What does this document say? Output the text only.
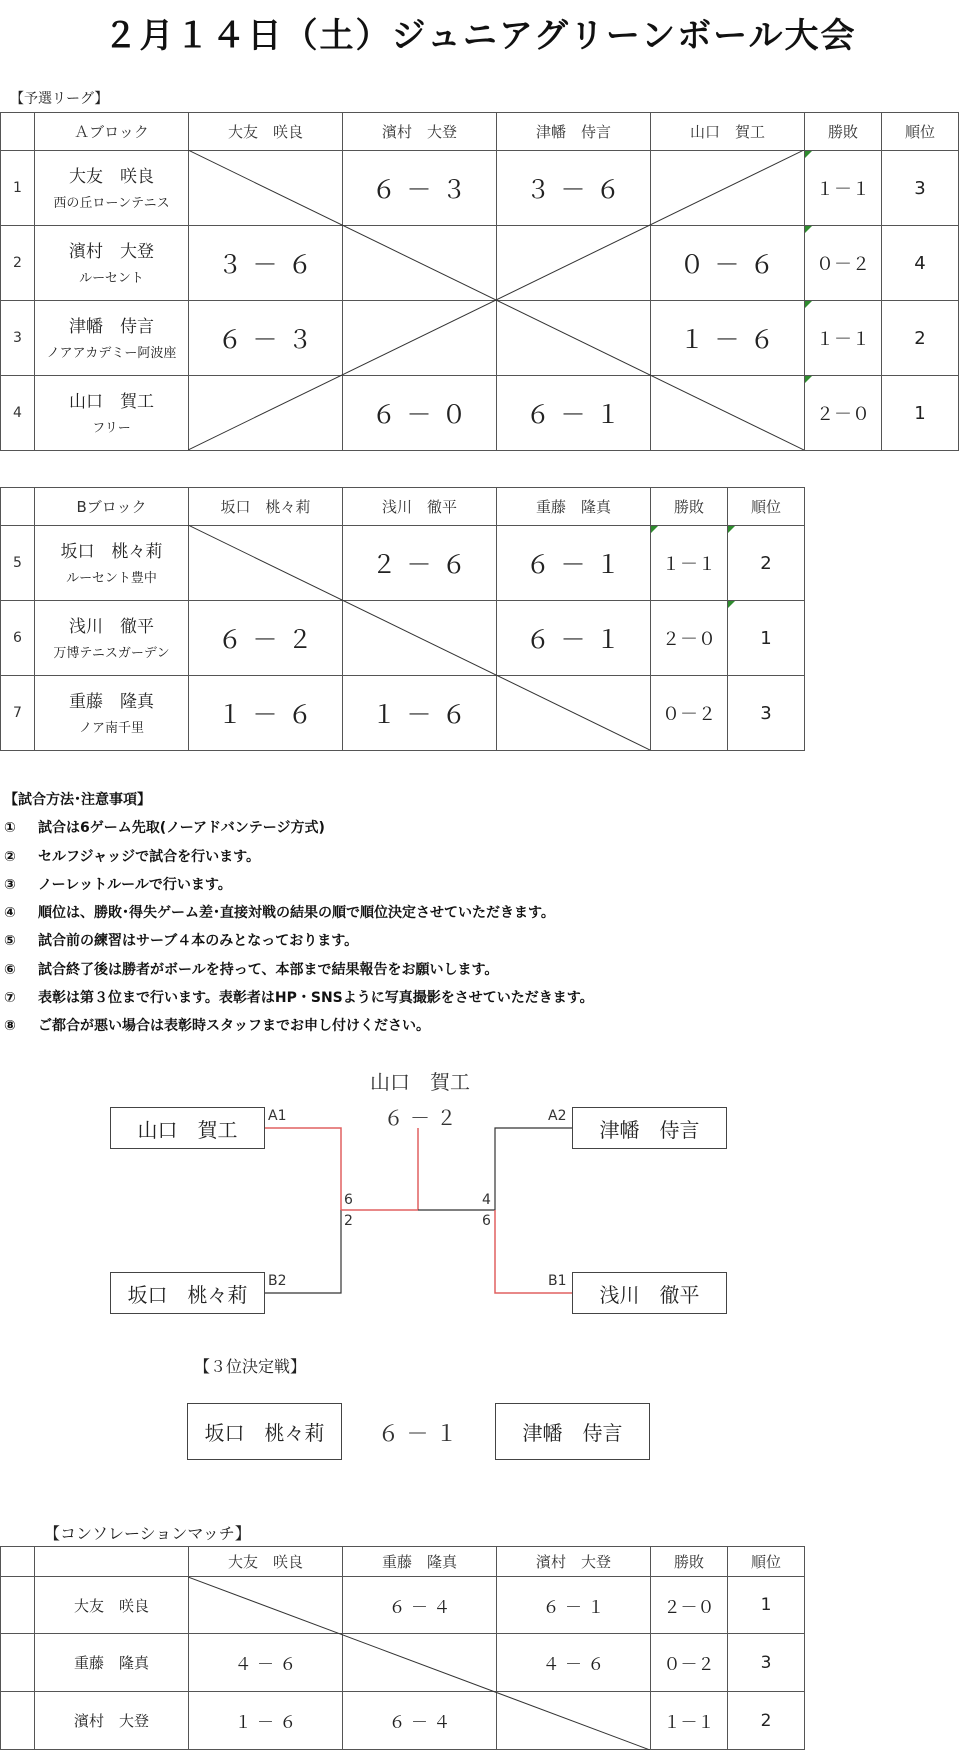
２月１４日（土）ジュニアグリーンボール大会
【予選リーグ】
	Ａブロック	大友　咲良	濱村　大登	津幡　侍言	山口　賀工	勝敗	順位
1	大友　咲良
西の丘ローンテニス		６ － ３	３ － ６		１－１	3
2	濱村　大登
ルーセント	３ － ６			０ － ６	０－２	4
3	津幡　侍言
ノアアカデミー阿波座	６ － ３			１ － ６	１－１	2
4	山口　賀工
フリー		６ － ０	６ － １		２－０	1
	Bブロック	坂口　桃々莉	浅川　徹平	重藤　隆真	勝敗	順位
5	坂口　桃々莉
ルーセント豊中		２ － ６	６ － １	１－１	2
6	浅川　徹平
万博テニスガーデン	６ － ２		６ － １	２－０	1
7	重藤　隆真
ノア南千里	１ － ６	１ － ６		０－２	3
【試合方法･注意事項】
① 試合は6ゲーム先取(ノーアドバンテージ方式)
② セルフジャッジで試合を行います。
③ ノーレットルールで行います。
④ 順位は、勝敗･得失ゲーム差･直接対戦の結果の順で順位決定させていただきます。
⑤ 試合前の練習はサーブ４本のみとなっております。
⑥ 試合終了後は勝者がボールを持って、本部まで結果報告をお願いします。
⑦ 表彰は第３位まで行います。表彰者はHP・SNSように写真撮影をさせていただきます。
⑧ ご都合が悪い場合は表彰時スタッフまでお申し付けください。
山口　賀工
６ － ２
山口　賀工
A1
坂口　桃々莉
B2
津幡　侍言
A2
浅川　徹平
B1
6
2
4
6
【３位決定戦】
坂口　桃々莉	６ － １	津幡　侍言
【コンソレーションマッチ】
		大友　咲良	重藤　隆真	濱村　大登	勝敗	順位
	大友　咲良		６ － ４	６ － １	２－０	1
	重藤　隆真	４ － ６		４ － ６	０－２	3
	濱村　大登	１ － ６	６ － ４		１－１	2
